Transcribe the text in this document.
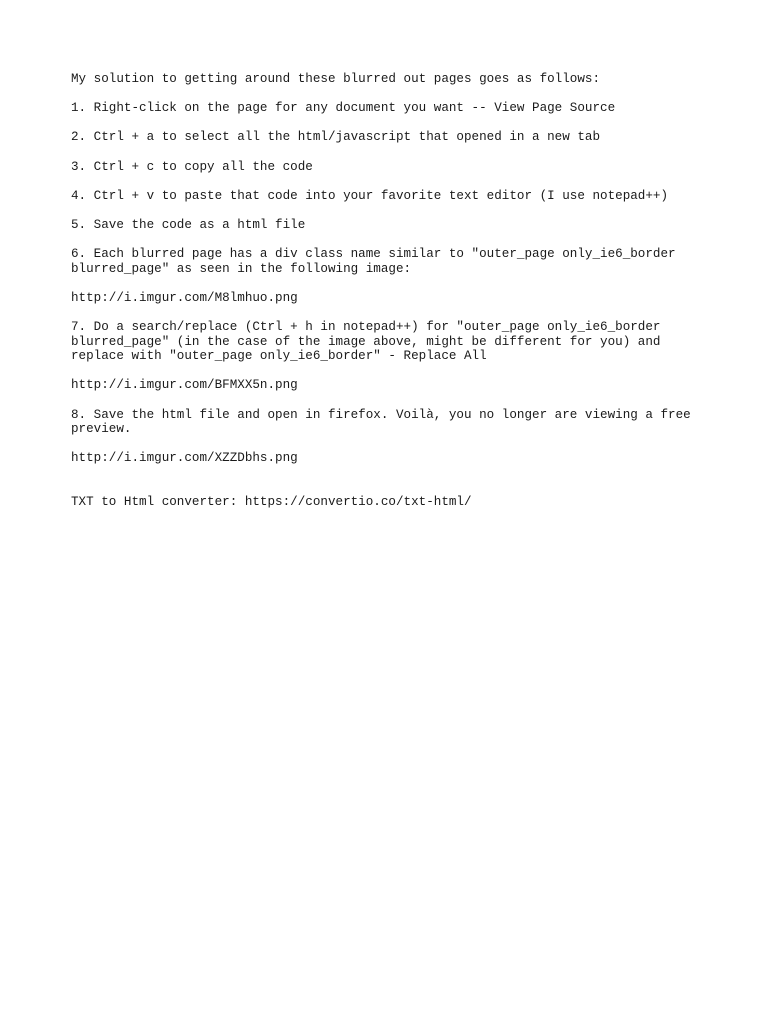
My solution to getting around these blurred out pages goes as follows:

1. Right-click on the page for any document you want -- View Page Source

2. Ctrl + a to select all the html/javascript that opened in a new tab

3. Ctrl + c to copy all the code

4. Ctrl + v to paste that code into your favorite text editor (I use notepad++)

5. Save the code as a html file

6. Each blurred page has a div class name similar to "outer_page only_ie6_border
blurred_page" as seen in the following image:

http://i.imgur.com/M8lmhuo.png

7. Do a search/replace (Ctrl + h in notepad++) for "outer_page only_ie6_border
blurred_page" (in the case of the image above, might be different for you) and
replace with "outer_page only_ie6_border" - Replace All

http://i.imgur.com/BFMXX5n.png

8. Save the html file and open in firefox. Voilà, you no longer are viewing a free
preview.

http://i.imgur.com/XZZDbhs.png

TXT to Html converter: https://convertio.co/txt-html/
